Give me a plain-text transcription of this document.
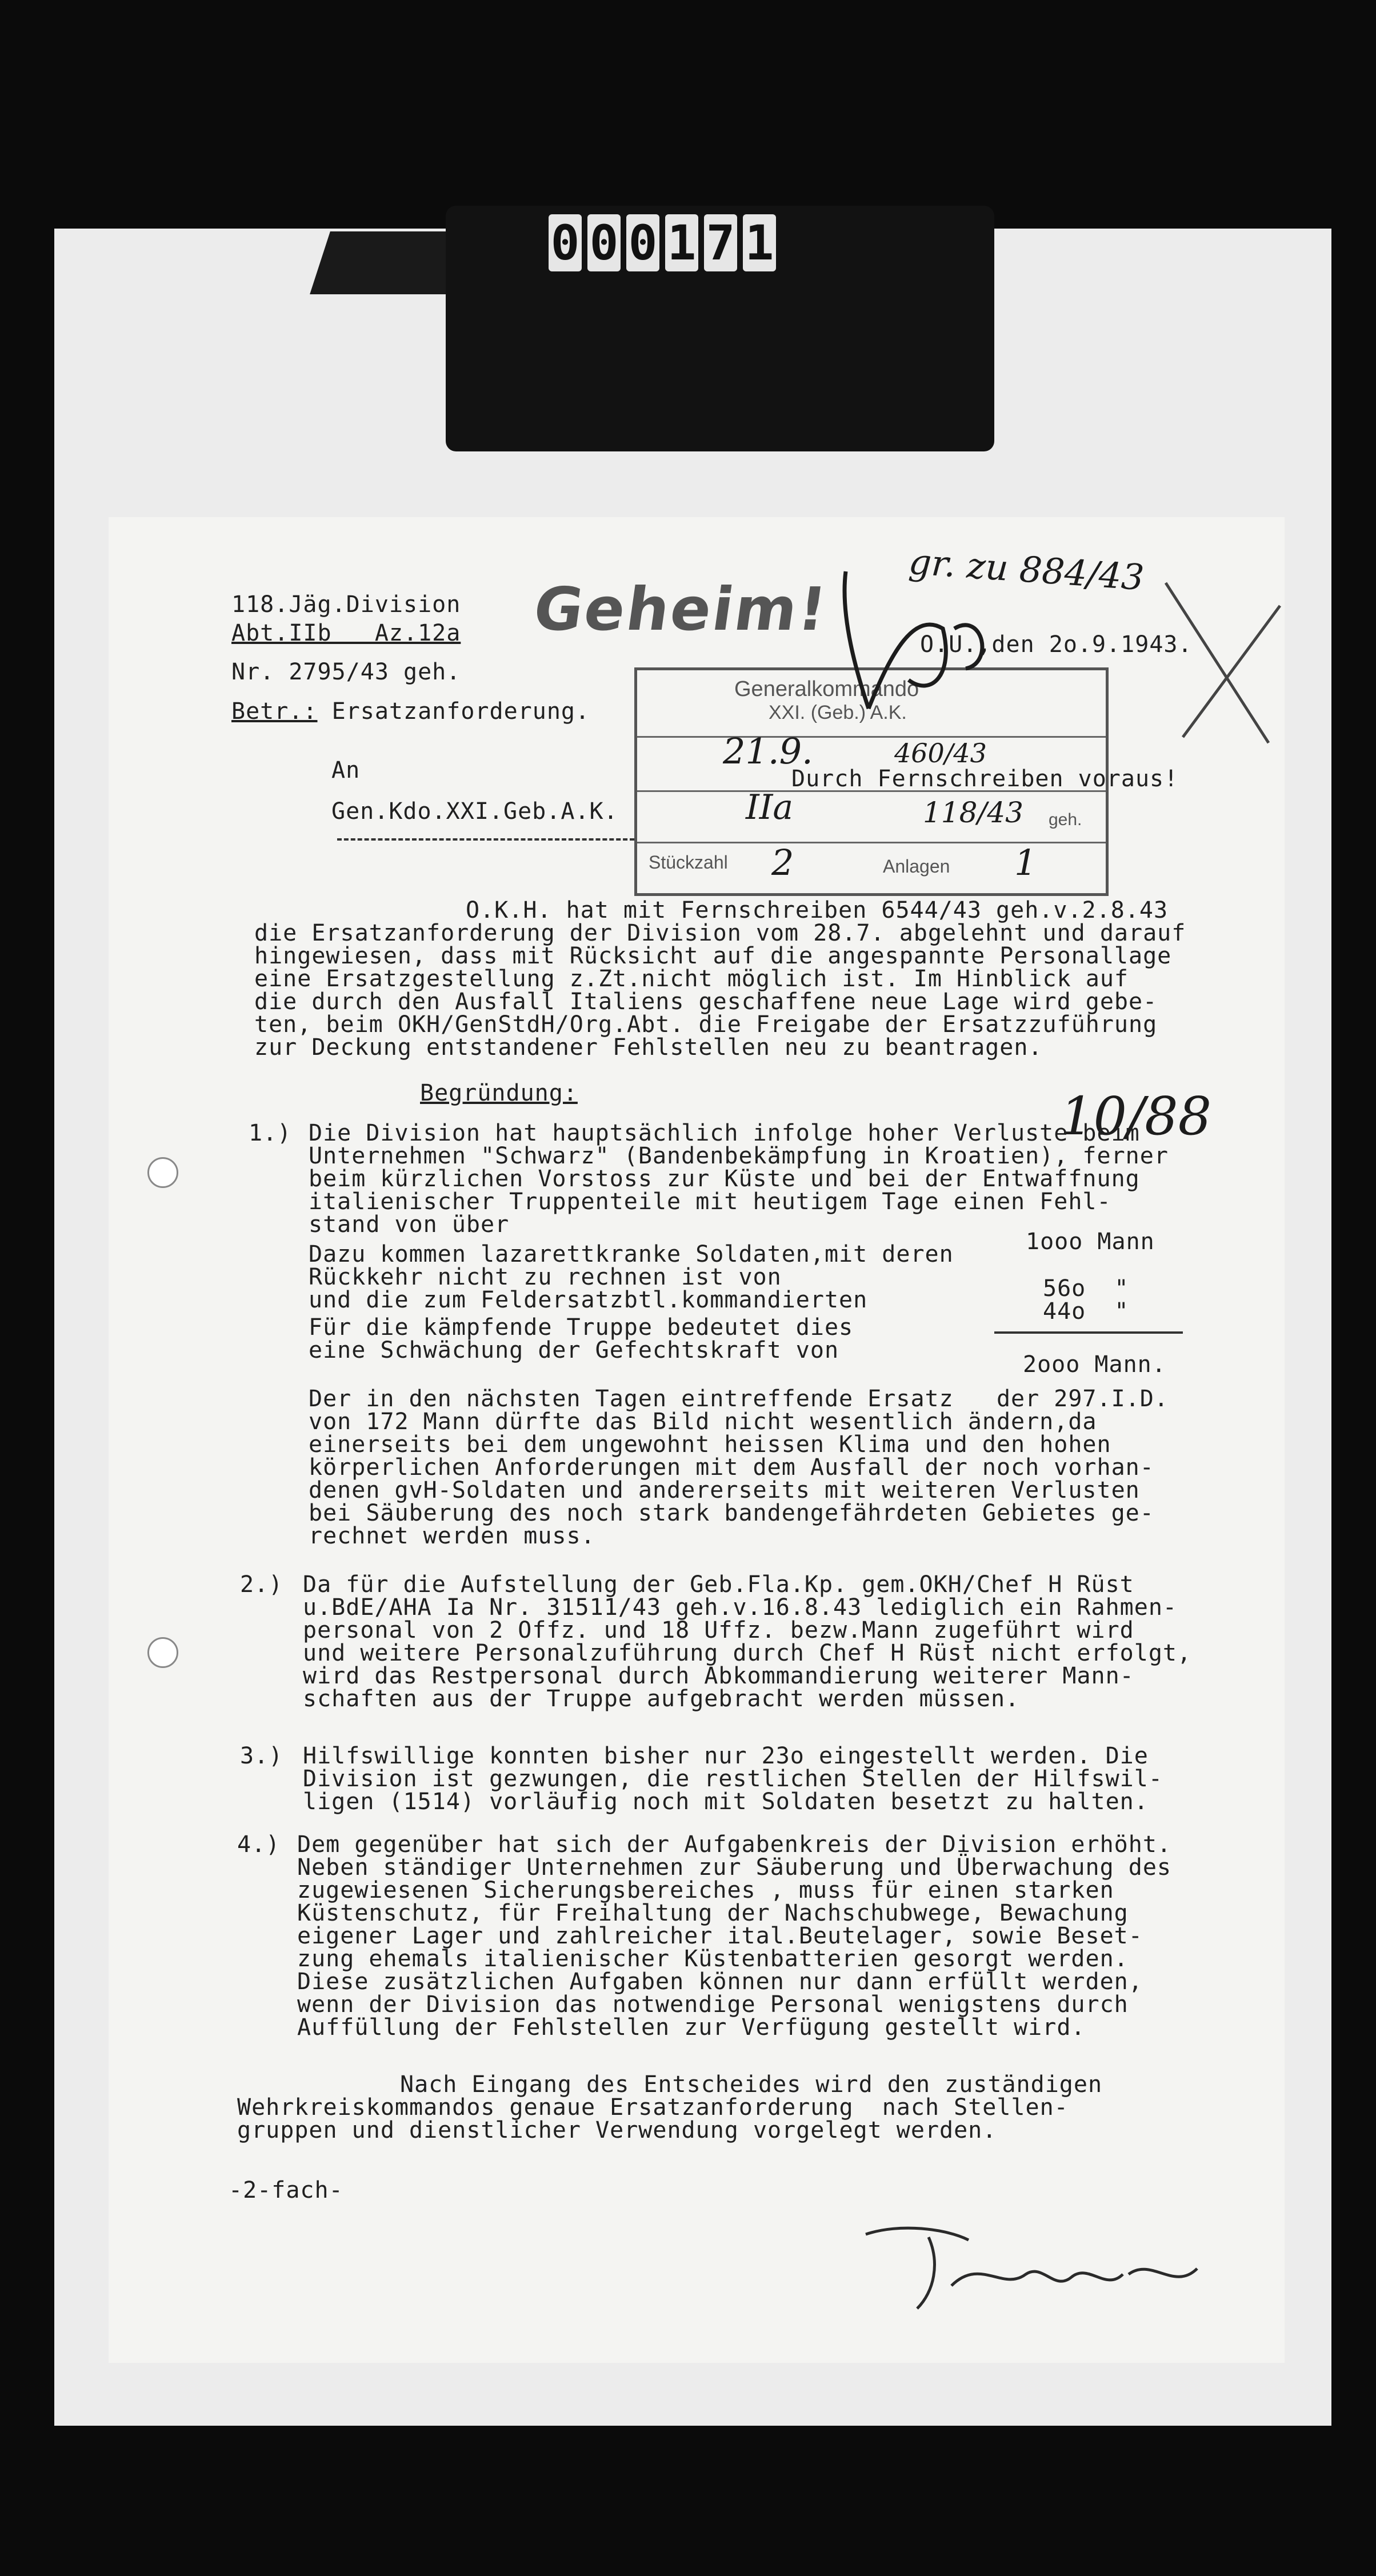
0 0 0 1 7 1
118.Jäg.Division
Abt.IIb   Az.12a
Nr. 2795/43 geh.
Betr.: Ersatzanforderung.
An
Gen.Kdo.XXI.Geb.A.K.
O.U.,den 2o.9.1943.
Durch Fernschreiben voraus!
Geheim!
Generalkommando
XXI. (Geb.) A.K.
21.9.	460/43
IIa	118/43 geh.
Stückzahl 2	Anlagen 1
gr. zu 884/43
10/88
O.K.H. hat mit Fernschreiben 6544/43 geh.v.2.8.43
die Ersatzanforderung der Division vom 28.7. abgelehnt und darauf
hingewiesen, dass mit Rücksicht auf die angespannte Personallage
eine Ersatzgestellung z.Zt.nicht möglich ist. Im Hinblick auf
die durch den Ausfall Italiens geschaffene neue Lage wird gebe-
ten, beim OKH/GenStdH/Org.Abt. die Freigabe der Ersatzzuführung
zur Deckung entstandener Fehlstellen neu zu beantragen.
Begründung:
1.) Die Division hat hauptsächlich infolge hoher Verluste beim
Unternehmen "Schwarz" (Bandenbekämpfung in Kroatien), ferner
beim kürzlichen Vorstoss zur Küste und bei der Entwaffnung
italienischer Truppenteile mit heutigem Tage einen Fehl-
stand von über
Dazu kommen lazarettkranke Soldaten,mit deren
Rückkehr nicht zu rechnen ist von
und die zum Feldersatzbtl.kommandierten
Für die kämpfende Truppe bedeutet dies
eine Schwächung der Gefechtskraft von
1ooo Mann
56o  "
44o  "
2ooo Mann.
Der in den nächsten Tagen eintreffende Ersatz   der 297.I.D.
von 172 Mann dürfte das Bild nicht wesentlich ändern,da
einerseits bei dem ungewohnt heissen Klima und den hohen
körperlichen Anforderungen mit dem Ausfall der noch vorhan-
denen gvH-Soldaten und andererseits mit weiteren Verlusten
bei Säuberung des noch stark bandengefährdeten Gebietes ge-
rechnet werden muss.
2.) Da für die Aufstellung der Geb.Fla.Kp. gem.OKH/Chef H Rüst
u.BdE/AHA Ia Nr. 31511/43 geh.v.16.8.43 lediglich ein Rahmen-
personal von 2 Offz. und 18 Uffz. bezw.Mann zugeführt wird
und weitere Personalzuführung durch Chef H Rüst nicht erfolgt,
wird das Restpersonal durch Abkommandierung weiterer Mann-
schaften aus der Truppe aufgebracht werden müssen.
3.) Hilfswillige konnten bisher nur 23o eingestellt werden. Die
Division ist gezwungen, die restlichen Stellen der Hilfswil-
ligen (1514) vorläufig noch mit Soldaten besetzt zu halten.
4.) Dem gegenüber hat sich der Aufgabenkreis der Division erhöht.
Neben ständiger Unternehmen zur Säuberung und Überwachung des
zugewiesenen Sicherungsbereiches , muss für einen starken
Küstenschutz, für Freihaltung der Nachschubwege, Bewachung
eigener Lager und zahlreicher ital.Beutelager, sowie Beset-
zung ehemals italienischer Küstenbatterien gesorgt werden.
Diese zusätzlichen Aufgaben können nur dann erfüllt werden,
wenn der Division das notwendige Personal wenigstens durch
Auffüllung der Fehlstellen zur Verfügung gestellt wird.
Nach Eingang des Entscheides wird den zuständigen
Wehrkreiskommandos genaue Ersatzanforderung  nach Stellen-
gruppen und dienstlicher Verwendung vorgelegt werden.
-2-fach-
